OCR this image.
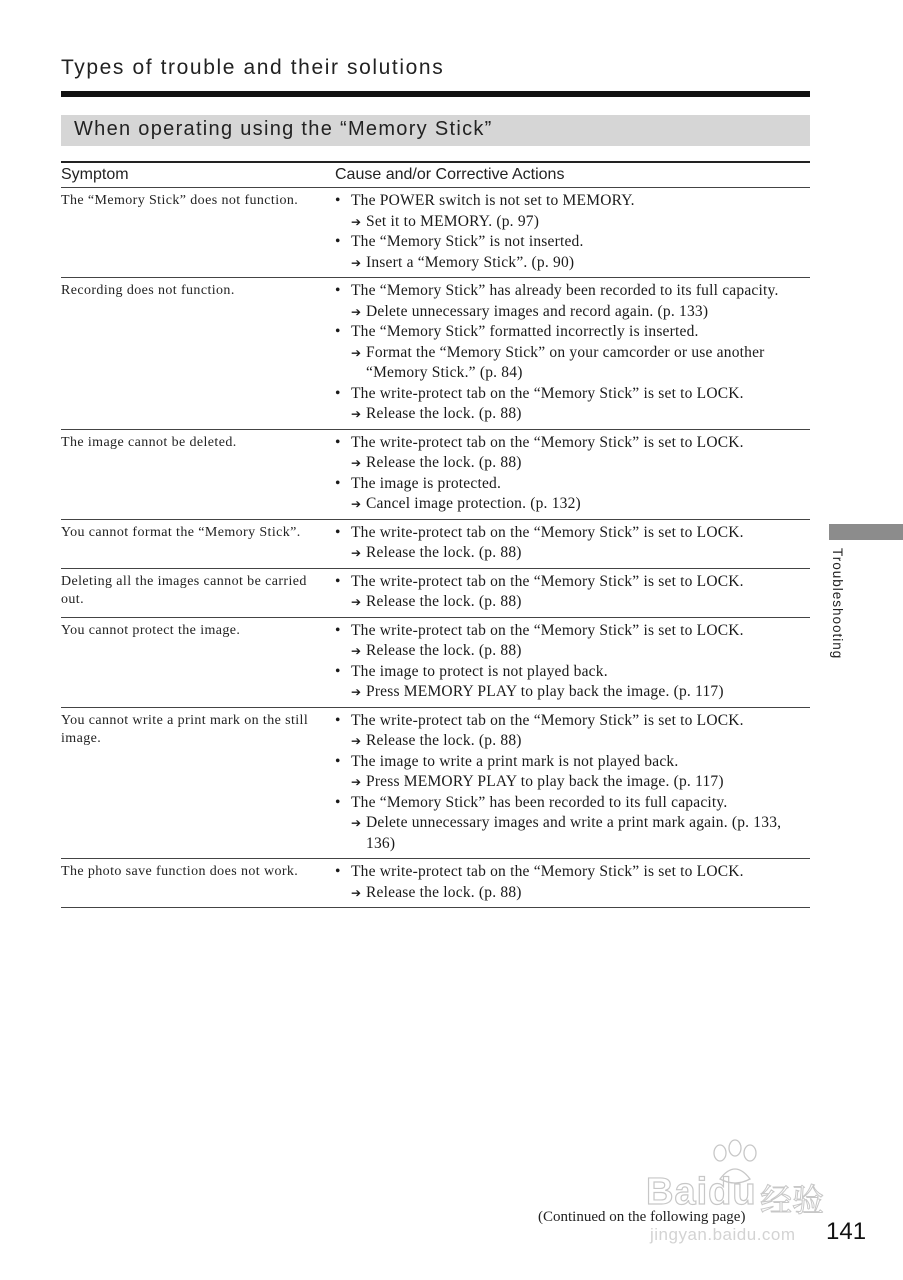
Types of trouble and their solutions
When operating using the “Memory Stick”
Symptom	Cause and/or Corrective Actions
The “Memory Stick” does not function.	• The POWER switch is not set to MEMORY.
➔ Set it to MEMORY. (p. 97)
• The “Memory Stick” is not inserted.
➔ Insert a “Memory Stick”. (p. 90)
Recording does not function.	• The “Memory Stick” has already been recorded to its full capacity.
➔ Delete unnecessary images and record again. (p. 133)
• The “Memory Stick” formatted incorrectly is inserted.
➔ Format the “Memory Stick” on your camcorder or use another “Memory Stick.” (p. 84)
• The write-protect tab on the “Memory Stick” is set to LOCK.
➔ Release the lock. (p. 88)
The image cannot be deleted.	• The write-protect tab on the “Memory Stick” is set to LOCK.
➔ Release the lock. (p. 88)
• The image is protected.
➔ Cancel image protection. (p. 132)
You cannot format the “Memory Stick”.	• The write-protect tab on the “Memory Stick” is set to LOCK.
➔ Release the lock. (p. 88)
Deleting all the images cannot be carried out.
• The write-protect tab on the “Memory Stick” is set to LOCK.
➔ Release the lock. (p. 88)
You cannot protect the image.	• The write-protect tab on the “Memory Stick” is set to LOCK.
➔ Release the lock. (p. 88)
• The image to protect is not played back.
➔ Press MEMORY PLAY to play back the image. (p. 117)
You cannot write a print mark on the still image.
• The write-protect tab on the “Memory Stick” is set to LOCK.
➔ Release the lock. (p. 88)
• The image to write a print mark is not played back.
➔ Press MEMORY PLAY to play back the image. (p. 117)
• The “Memory Stick” has been recorded to its full capacity.
➔ Delete unnecessary images and write a print mark again. (p. 133, 136)
The photo save function does not work.	• The write-protect tab on the “Memory Stick” is set to LOCK.
➔ Release the lock. (p. 88)
Troubleshooting
Baidu 经验
jingyan.baidu.com
(Continued on the following page)
141
